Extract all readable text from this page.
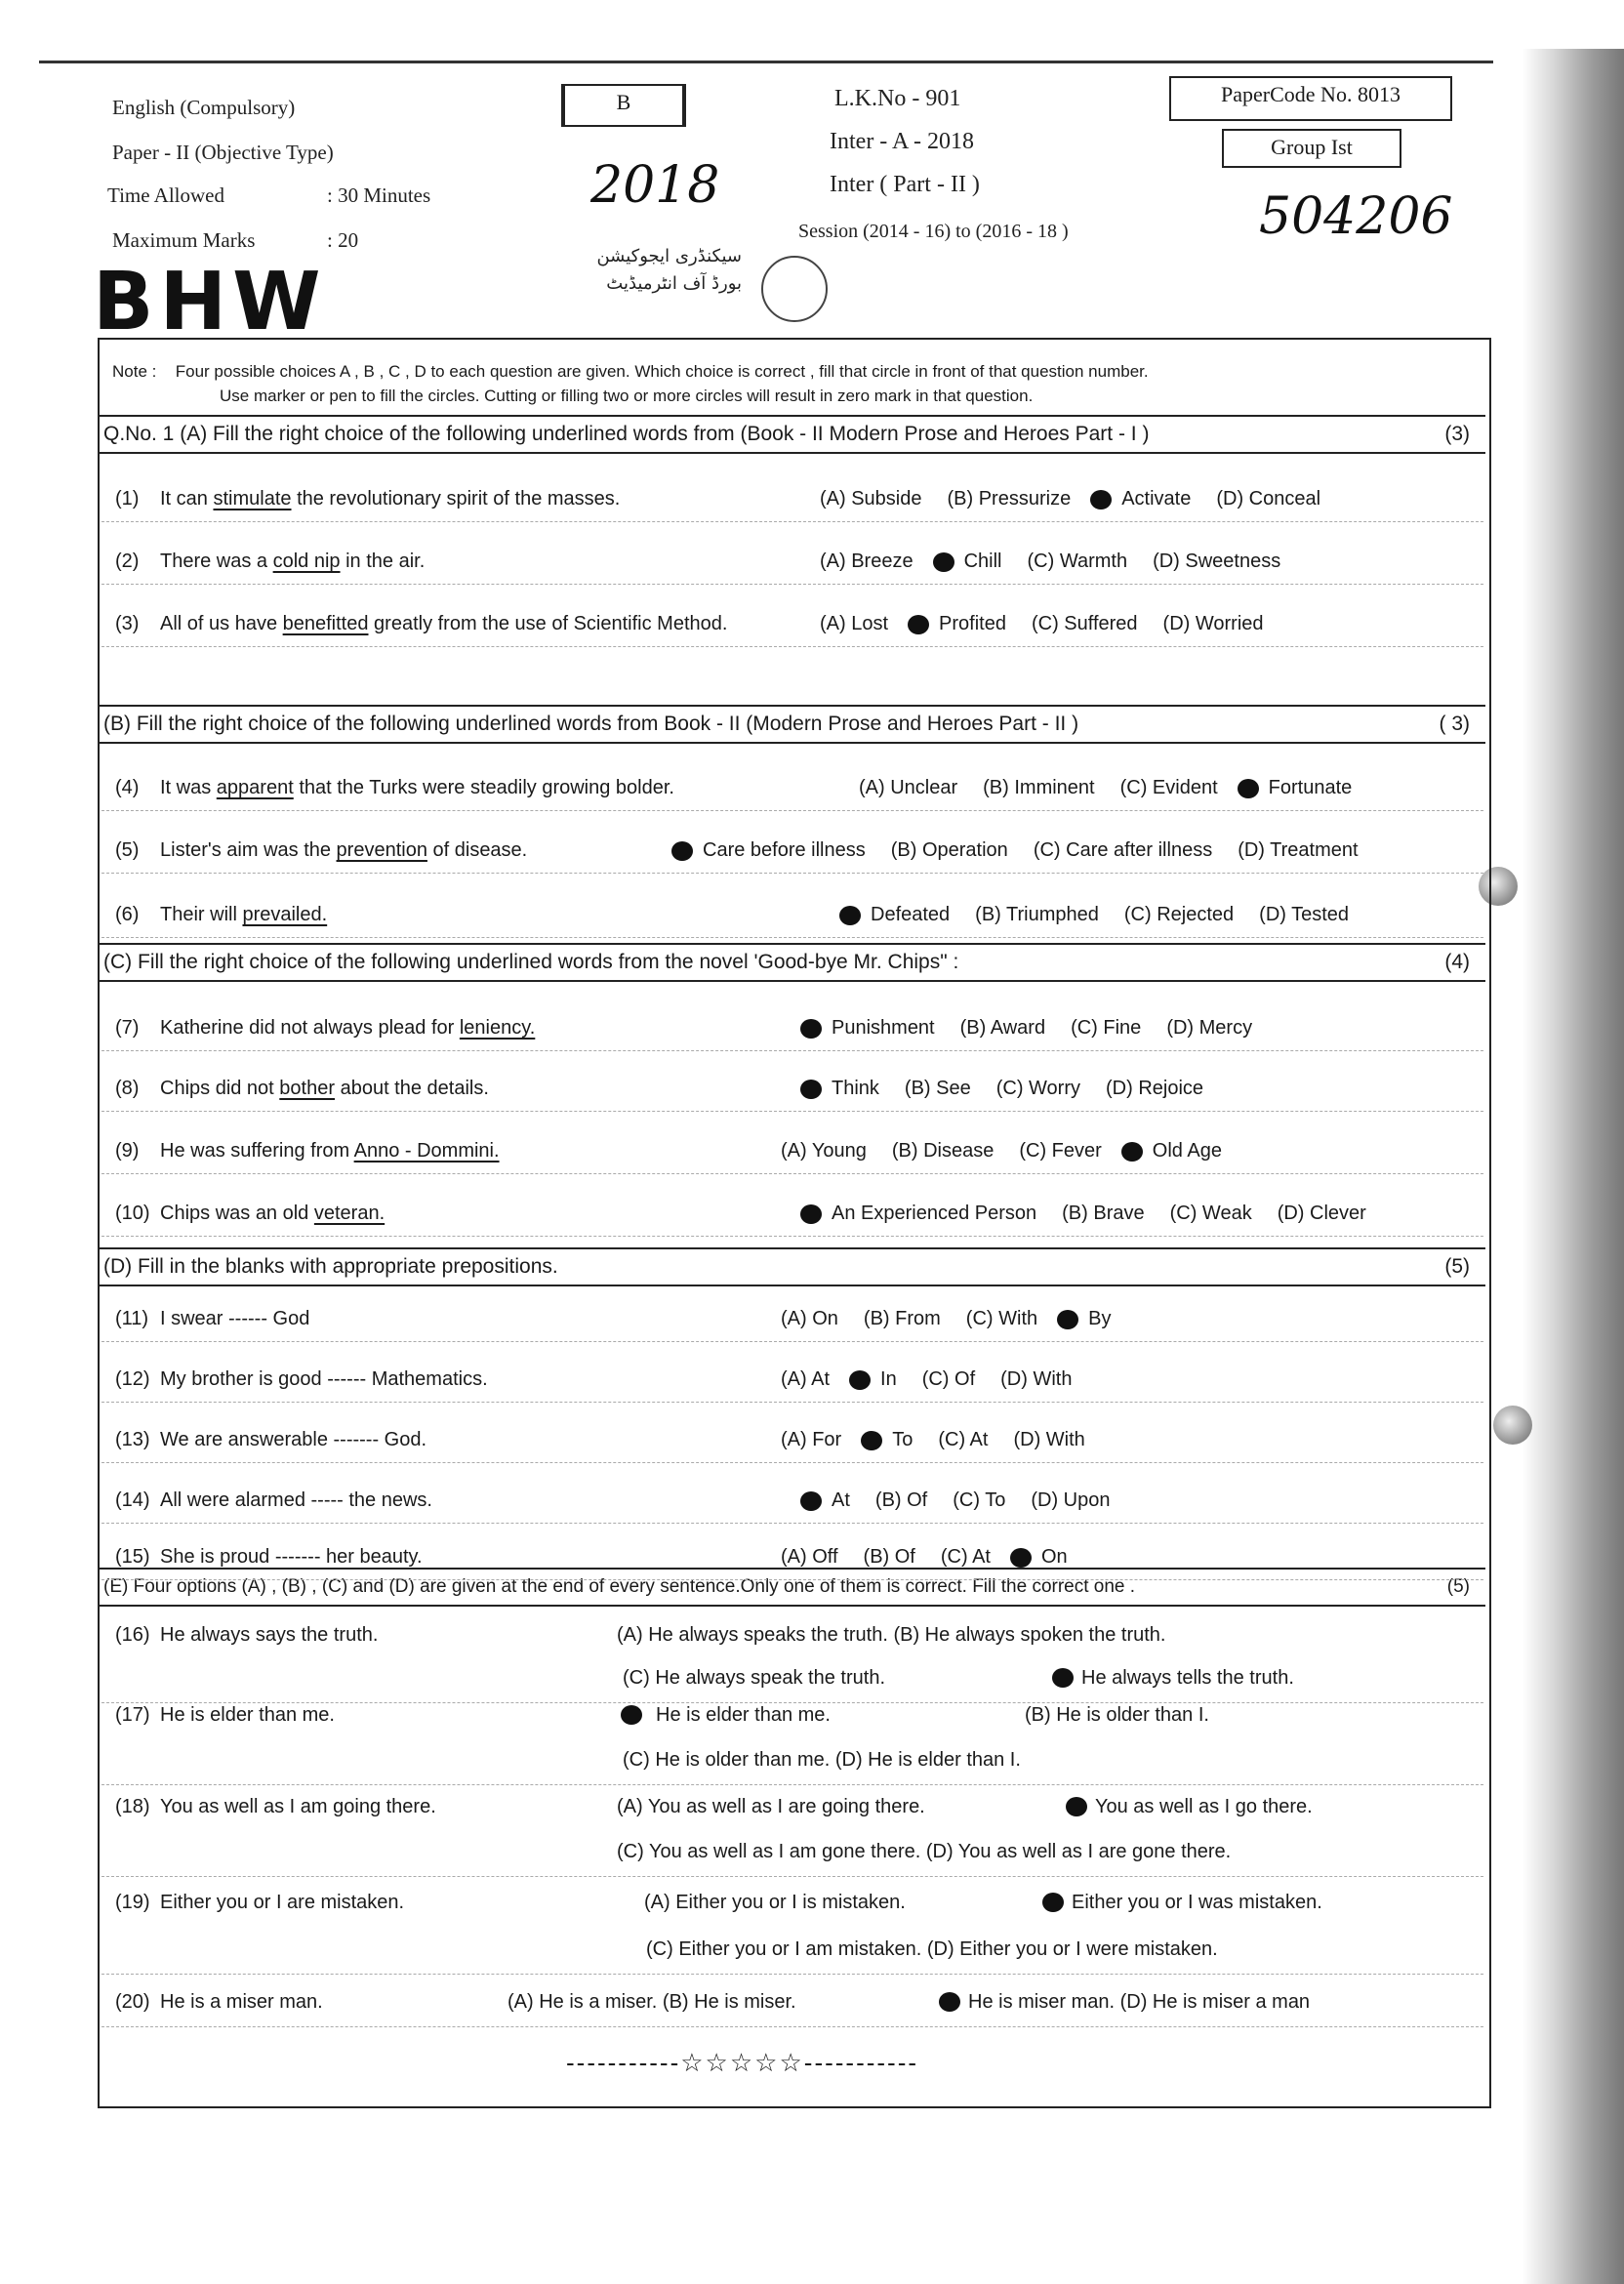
English (Compulsory)
Paper - II (Objective Type)
Time Allowed	: 30 Minutes
Maximum Marks	: 20
B	L.K.No - 901
Inter - A - 2018
Inter ( Part - II )
Session (2014 - 16) to (2016 - 18 )
PaperCode No. 8013
Group Ist
2018
504206
BHW	سیکنڈری ایجوکیشن
بورڈ آف انٹرمیڈیٹ
Note : Four possible choices A , B , C , D to each question are given. Which choice is correct , fill that circle in front of that question number.
Use marker or pen to fill the circles. Cutting or filling two or more circles will result in zero mark in that question.
Q.No. 1 (A) Fill the right choice of the following underlined words from (Book - II Modern Prose and Heroes Part - I )	(3)
(B) Fill the right choice of the following underlined words from Book - II (Modern Prose and Heroes Part - II )	( 3)
(C) Fill the right choice of the following underlined words from the novel 'Good-bye Mr. Chips" :	(4)
(D) Fill in the blanks with appropriate prepositions.	(5)
(E) Four options (A) , (B) , (C) and (D) are given at the end of every sentence.Only one of them is correct. Fill the correct one .	(5)
(1) It can stimulate the revolutionary spirit of the masses.	(A) Subside (B) Pressurize	Activate (D) Conceal
(2) There was a cold nip in the air.	(A) Breeze	Chill (C) Warmth (D) Sweetness
(3) All of us have benefitted greatly from the use of Scientific Method.	(A) Lost	Profited (C) Suffered (D) Worried
(4) It was apparent that the Turks were steadily growing bolder.	(A) Unclear (B) Imminent (C) Evident	Fortunate
(5) Lister's aim was the prevention of disease.	Care before illness (B) Operation (C) Care after illness (D) Treatment
(6) Their will prevailed.	Defeated (B) Triumphed (C) Rejected (D) Tested
(7) Katherine did not always plead for leniency.	Punishment (B) Award (C) Fine (D) Mercy
(8) Chips did not bother about the details.	Think (B) See (C) Worry (D) Rejoice
(9) He was suffering from Anno - Dommini.	(A) Young (B) Disease (C) Fever	Old Age
(10) Chips was an old veteran.	An Experienced Person (B) Brave (C) Weak (D) Clever
(11) I swear ------ God	(A) On (B) From (C) With	By
(12) My brother is good ------ Mathematics.	(A) At	In (C) Of (D) With
(13) We are answerable ------- God.	(A) For	To (C) At (D) With
(14) All were alarmed ----- the news.	At (B) Of (C) To (D) Upon
(15) She is proud ------- her beauty.	(A) Off (B) Of (C) At	On
(16) He always says the truth.	(A) He always speaks the truth. (B) He always spoken the truth.
(C) He always speak the truth.	He always tells the truth.
(17) He is elder than me.	He is elder than me.	(B) He is older than I.
(C) He is older than me. (D) He is elder than I.
(18) You as well as I am going there.	(A) You as well as I are going there.	You as well as I go there.
(C) You as well as I am gone there. (D) You as well as I are gone there.
(19) Either you or I are mistaken.	(A) Either you or I is mistaken.	Either you or I was mistaken.
(C) Either you or I am mistaken. (D) Either you or I were mistaken.
(20) He is a miser man.	(A) He is a miser. (B) He is miser.	He is miser man. (D) He is miser a man
-----------☆☆☆☆☆-----------
